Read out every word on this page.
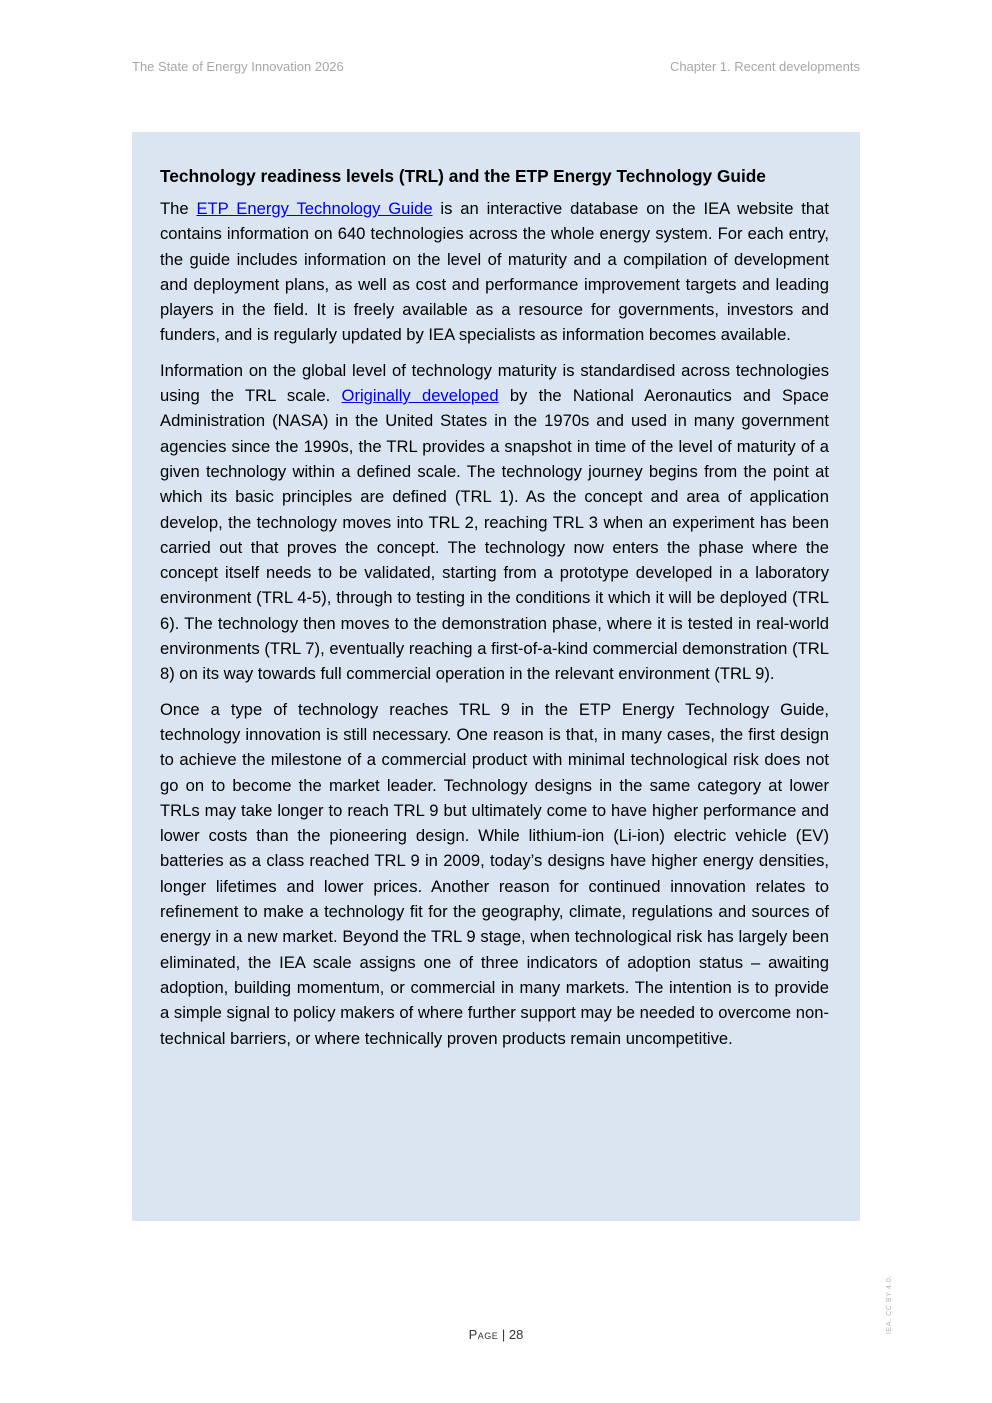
The State of Energy Innovation 2026	Chapter 1. Recent developments
Technology readiness levels (TRL) and the ETP Energy Technology Guide

The ETP Energy Technology Guide is an interactive database on the IEA website that contains information on 640 technologies across the whole energy system. For each entry, the guide includes information on the level of maturity and a compilation of development and deployment plans, as well as cost and performance improvement targets and leading players in the field. It is freely available as a resource for governments, investors and funders, and is regularly updated by IEA specialists as information becomes available.

Information on the global level of technology maturity is standardised across technologies using the TRL scale. Originally developed by the National Aeronautics and Space Administration (NASA) in the United States in the 1970s and used in many government agencies since the 1990s, the TRL provides a snapshot in time of the level of maturity of a given technology within a defined scale. The technology journey begins from the point at which its basic principles are defined (TRL 1). As the concept and area of application develop, the technology moves into TRL 2, reaching TRL 3 when an experiment has been carried out that proves the concept. The technology now enters the phase where the concept itself needs to be validated, starting from a prototype developed in a laboratory environment (TRL 4-5), through to testing in the conditions it which it will be deployed (TRL 6). The technology then moves to the demonstration phase, where it is tested in real-world environments (TRL 7), eventually reaching a first-of-a-kind commercial demonstration (TRL 8) on its way towards full commercial operation in the relevant environment (TRL 9).

Once a type of technology reaches TRL 9 in the ETP Energy Technology Guide, technology innovation is still necessary. One reason is that, in many cases, the first design to achieve the milestone of a commercial product with minimal technological risk does not go on to become the market leader. Technology designs in the same category at lower TRLs may take longer to reach TRL 9 but ultimately come to have higher performance and lower costs than the pioneering design. While lithium-ion (Li-ion) electric vehicle (EV) batteries as a class reached TRL 9 in 2009, today’s designs have higher energy densities, longer lifetimes and lower prices. Another reason for continued innovation relates to refinement to make a technology fit for the geography, climate, regulations and sources of energy in a new market. Beyond the TRL 9 stage, when technological risk has largely been eliminated, the IEA scale assigns one of three indicators of adoption status – awaiting adoption, building momentum, or commercial in many markets. The intention is to provide a simple signal to policy makers of where further support may be needed to overcome non-technical barriers, or where technically proven products remain uncompetitive.

Page | 28
IEA. CC BY 4.0.
